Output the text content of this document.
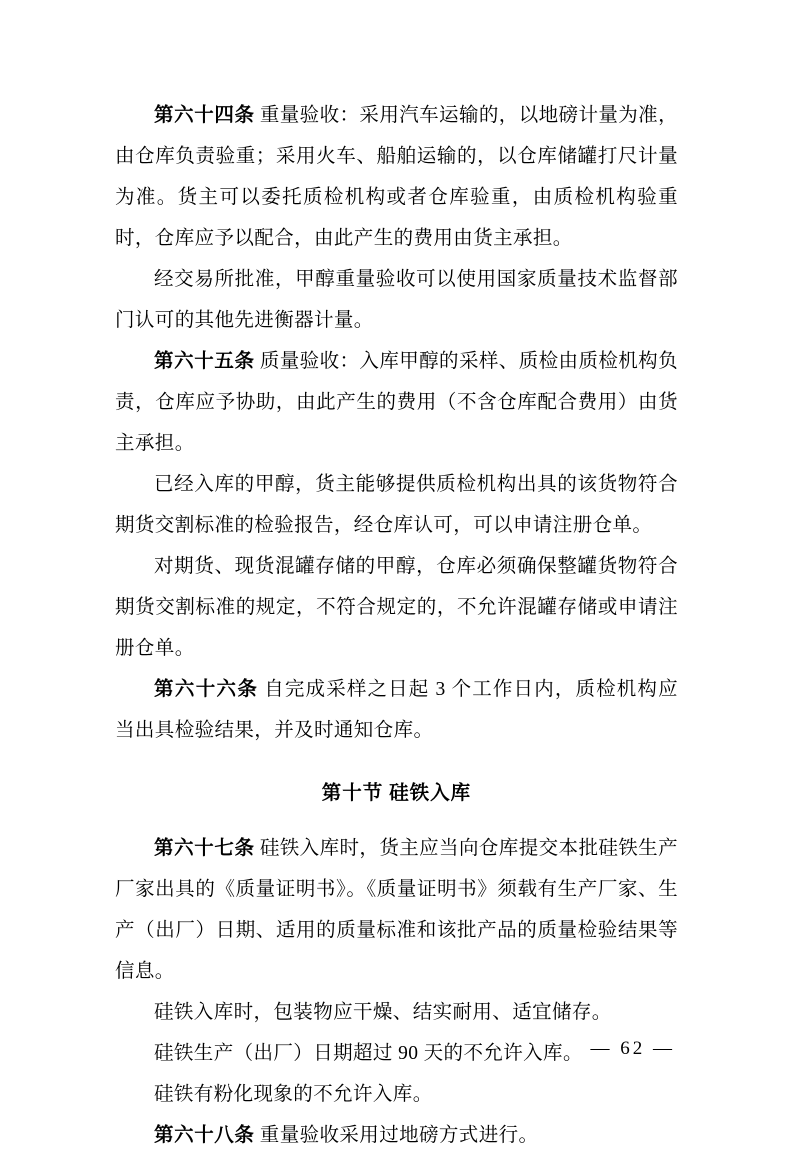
第六十四条 重量验收：采用汽车运输的，以地磅计量为准，由仓库负责验重；采用火车、船舶运输的，以仓库储罐打尺计量为准。货主可以委托质检机构或者仓库验重，由质检机构验重时，仓库应予以配合，由此产生的费用由货主承担。

经交易所批准，甲醇重量验收可以使用国家质量技术监督部门认可的其他先进衡器计量。

第六十五条 质量验收：入库甲醇的采样、质检由质检机构负责，仓库应予协助，由此产生的费用（不含仓库配合费用）由货主承担。

已经入库的甲醇，货主能够提供质检机构出具的该货物符合期货交割标准的检验报告，经仓库认可，可以申请注册仓单。

对期货、现货混罐存储的甲醇，仓库必须确保整罐货物符合期货交割标准的规定，不符合规定的，不允许混罐存储或申请注册仓单。

第六十六条 自完成采样之日起 3 个工作日内，质检机构应当出具检验结果，并及时通知仓库。

第十节 硅铁入库

第六十七条 硅铁入库时，货主应当向仓库提交本批硅铁生产厂家出具的《质量证明书》。《质量证明书》须载有生产厂家、生产（出厂）日期、适用的质量标准和该批产品的质量检验结果等信息。

硅铁入库时，包装物应干燥、结实耐用、适宜储存。

硅铁生产（出厂）日期超过 90 天的不允许入库。

硅铁有粉化现象的不允许入库。

第六十八条 重量验收采用过地磅方式进行。

— 62 —
